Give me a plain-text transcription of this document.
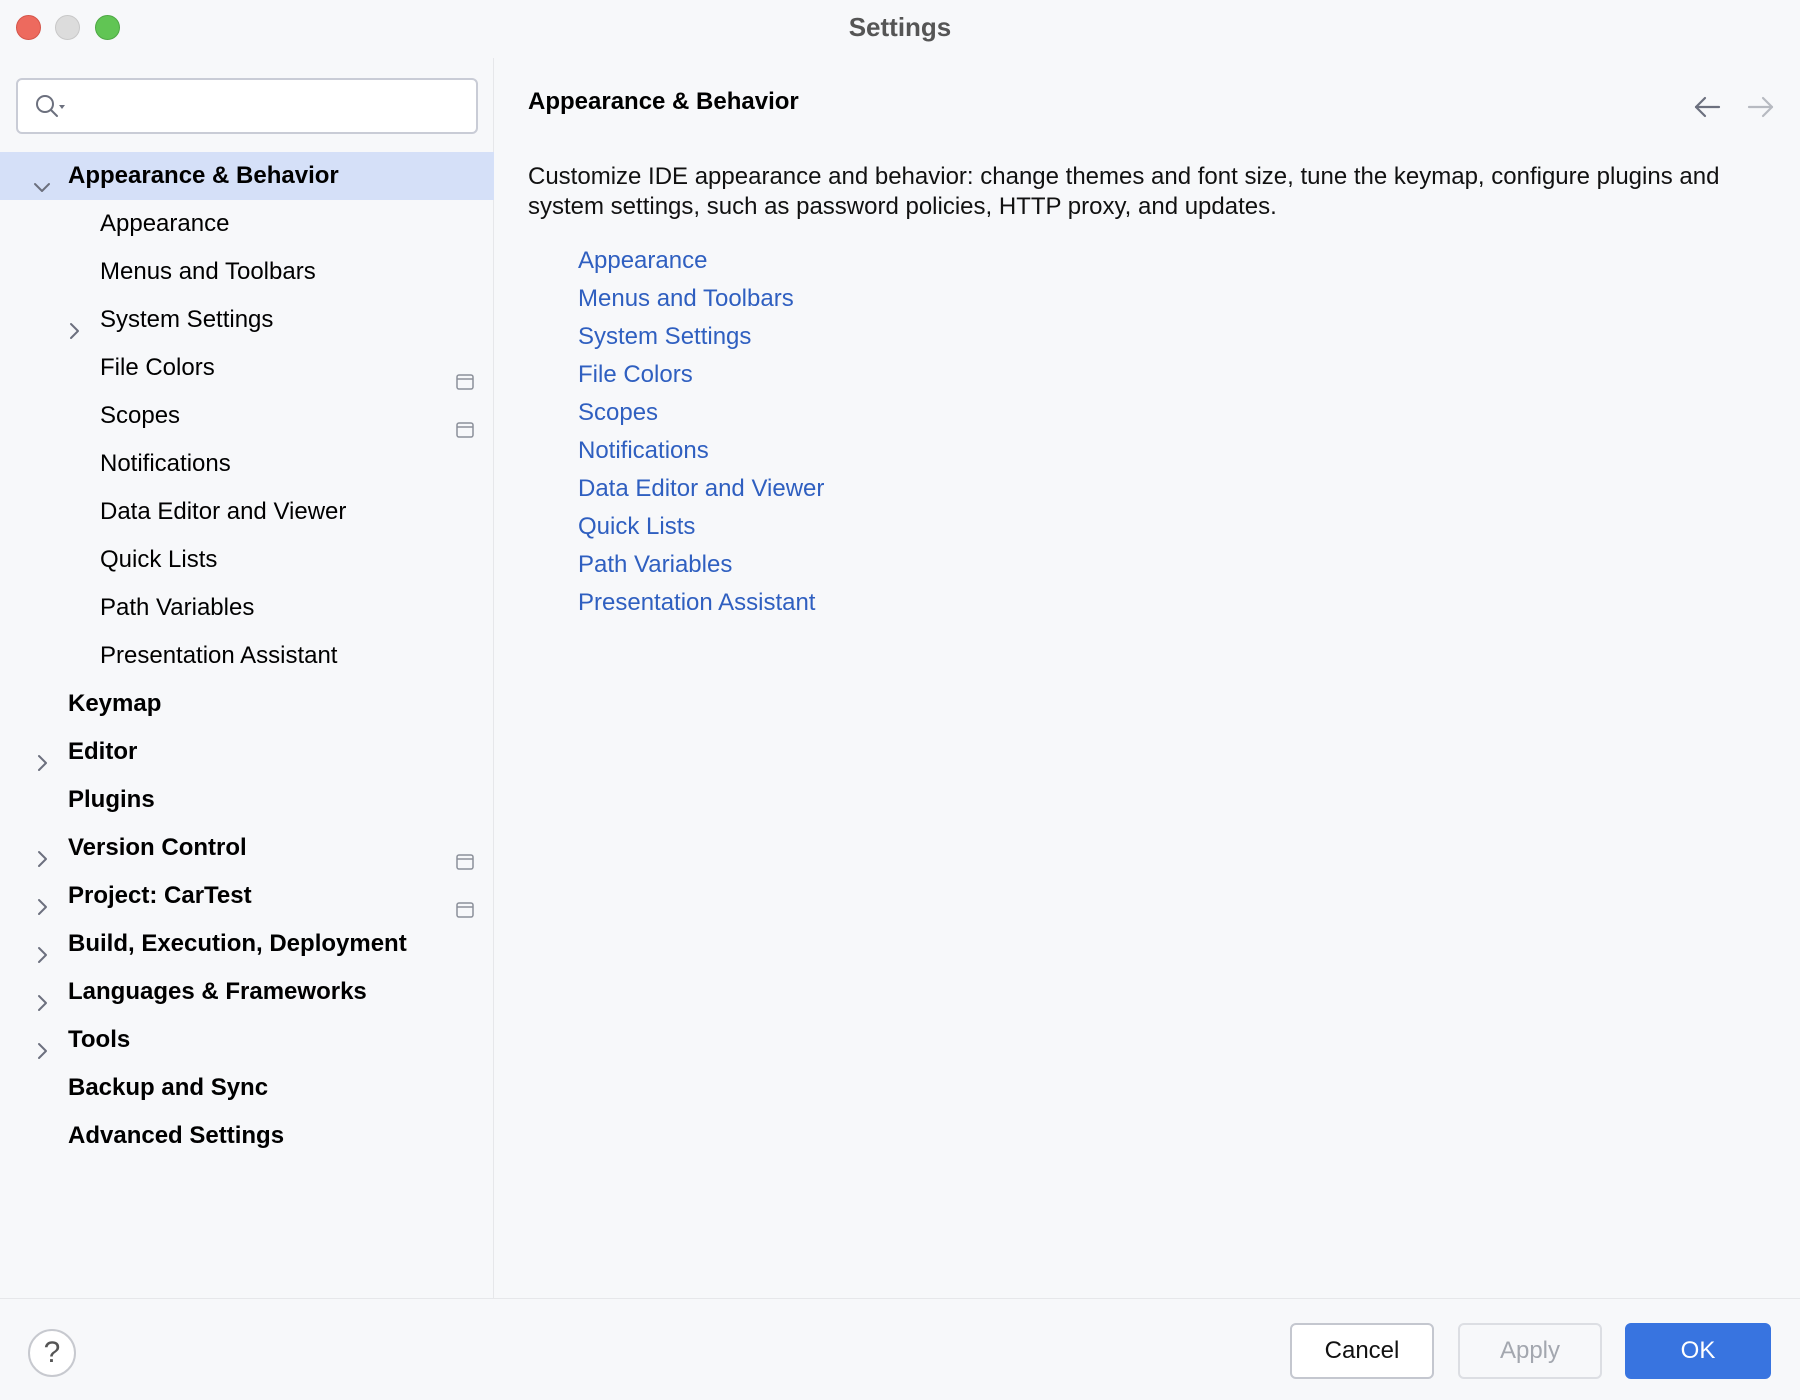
Settings
Appearance & Behavior
Appearance
Menus and Toolbars
System Settings
File Colors
Scopes
Notifications
Data Editor and Viewer
Quick Lists
Path Variables
Presentation Assistant
Keymap
Editor
Plugins
Version Control
Project: CarTest
Build, Execution, Deployment
Languages & Frameworks
Tools
Backup and Sync
Advanced Settings
Appearance & Behavior
Customize IDE appearance and behavior: change themes and font size, tune the keymap, configure plugins and system settings, such as password policies, HTTP proxy, and updates.
Appearance
Menus and Toolbars
System Settings
File Colors
Scopes
Notifications
Data Editor and Viewer
Quick Lists
Path Variables
Presentation Assistant
?	Cancel	Apply	OK
